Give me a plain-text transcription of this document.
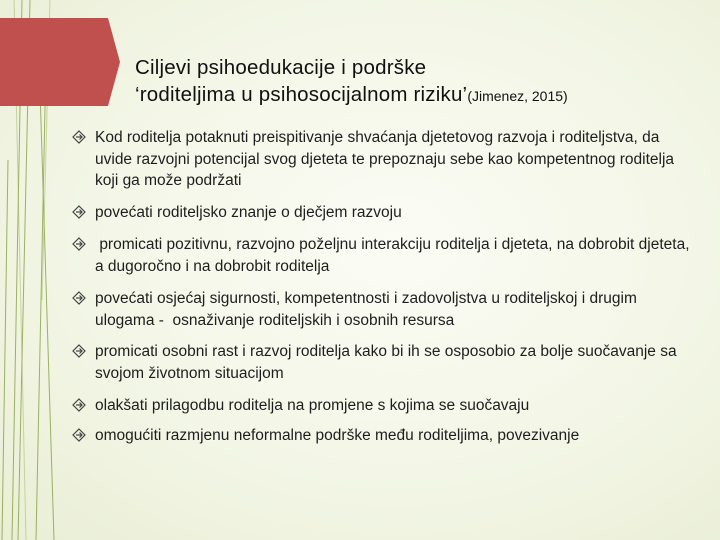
Ciljevi psihoedukacije i podrške
‘roditeljima u psihosocijalnom riziku’(Jimenez, 2015)
Kod roditelja potaknuti preispitivanje shvaćanja djetetovog razvoja i roditeljstva, da uvide razvojni potencijal svog djeteta te prepoznaju sebe kao kompetentnog roditelja koji ga može podržati
povećati roditeljsko znanje o dječjem razvoju
promicati pozitivnu, razvojno poželjnu interakciju roditelja i djeteta, na dobrobit djeteta, a dugoročno i na dobrobit roditelja
povećati osjećaj sigurnosti, kompetentnosti i zadovoljstva u roditeljskoj i drugim ulogama -  osnaživanje roditeljskih i osobnih resursa
promicati osobni rast i razvoj roditelja kako bi ih se osposobio za bolje suočavanje sa svojom životnom situacijom
olakšati prilagodbu roditelja na promjene s kojima se suočavaju
omogućiti razmjenu neformalne podrške među roditeljima, povezivanje
